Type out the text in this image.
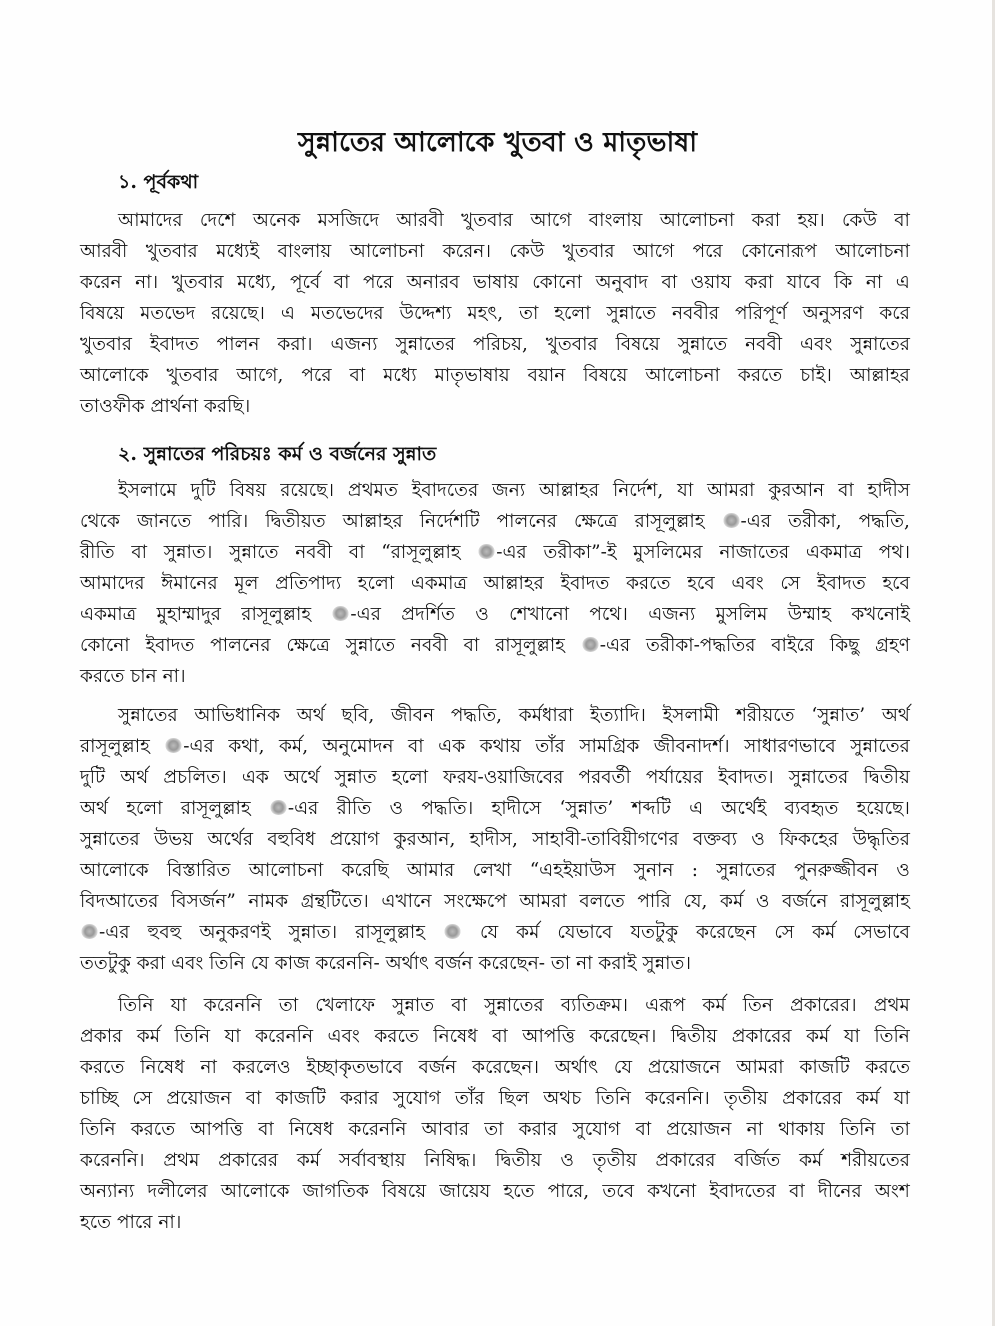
সুন্নাতের আলোকে খুতবা ও মাতৃভাষা
১. পূর্বকথা
আমাদের দেশে অনেক মসজিদে আরবী খুতবার আগে বাংলায় আলোচনা করা হয়। কেউ বা
আরবী খুতবার মধ্যেই বাংলায় আলোচনা করেন। কেউ খুতবার আগে পরে কোনোরূপ আলোচনা
করেন না। খুতবার মধ্যে, পূর্বে বা পরে অনারব ভাষায় কোনো অনুবাদ বা ওয়ায করা যাবে কি না এ
বিষয়ে মতভেদ রয়েছে। এ মতভেদের উদ্দেশ্য মহৎ, তা হলো সুন্নাতে নববীর পরিপূর্ণ অনুসরণ করে
খুতবার ইবাদত পালন করা। এজন্য সুন্নাতের পরিচয়, খুতবার বিষয়ে সুন্নাতে নববী এবং সুন্নাতের
আলোকে খুতবার আগে, পরে বা মধ্যে মাতৃভাষায় বয়ান বিষয়ে আলোচনা করতে চাই। আল্লাহর
তাওফীক
প্রার্থনা
করছি।
২. সুন্নাতের পরিচয়ঃ কর্ম ও বর্জনের সুন্নাত
ইসলামে দুটি বিষয় রয়েছে। প্রথমত ইবাদতের জন্য আল্লাহর নির্দেশ, যা আমরা কুরআন বা হাদীস
থেকে জানতে পারি। দ্বিতীয়ত আল্লাহর নির্দেশটি পালনের ক্ষেত্রে রাসূলুল্লাহ	-এর তরীকা, পদ্ধতি,
রীতি বা সুন্নাত। সুন্নাতে নববী বা “রাসূলুল্লাহ	-এর তরীকা”-ই মুসলিমের নাজাতের একমাত্র পথ।
আমাদের ঈমানের মূল প্রতিপাদ্য হলো একমাত্র আল্লাহর ইবাদত করতে হবে এবং সে ইবাদত হবে
একমাত্র মুহাম্মাদুর রাসূলুল্লাহ	-এর প্রদর্শিত ও শেখানো পথে। এজন্য মুসলিম উম্মাহ কখনোই
কোনো ইবাদত পালনের ক্ষেত্রে সুন্নাতে নববী বা রাসূলুল্লাহ	-এর তরীকা-পদ্ধতির বাইরে কিছু গ্রহণ
করতে
চান
না।
সুন্নাতের আভিধানিক অর্থ ছবি, জীবন পদ্ধতি, কর্মধারা ইত্যাদি। ইসলামী শরীয়তে ‘সুন্নাত’ অর্থ
রাসূলুল্লাহ	-এর কথা, কর্ম, অনুমোদন বা এক কথায় তাঁর সামগ্রিক জীবনাদর্শ। সাধারণভাবে সুন্নাতের
দুটি অর্থ প্রচলিত। এক অর্থে সুন্নাত হলো ফরয-ওয়াজিবের পরবর্তী পর্যায়ের ইবাদত। সুন্নাতের দ্বিতীয়
অর্থ হলো রাসূলুল্লাহ	-এর রীতি ও পদ্ধতি। হাদীসে ‘সুন্নাত’ শব্দটি এ অর্থেই ব্যবহৃত হয়েছে।
সুন্নাতের উভয় অর্থের বহুবিধ প্রয়োগ কুরআন, হাদীস, সাহাবী-তাবিয়ীগণের বক্তব্য ও ফিকহের উদ্ধৃতির
আলোকে বিস্তারিত আলোচনা করেছি আমার লেখা “এহইয়াউস সুনান : সুন্নাতের পুনরুজ্জীবন ও
বিদআতের বিসর্জন” নামক গ্রন্থটিতে। এখানে সংক্ষেপে আমরা বলতে পারি যে, কর্ম ও বর্জনে রাসূলুল্লাহ
-এর হুবহু অনুকরণই সুন্নাত। রাসূলুল্লাহ	যে কর্ম যেভাবে যতটুকু করেছেন সে কর্ম সেভাবে
ততটুকু
করা
এবং
তিনি
যে
কাজ
করেননি-
অর্থাৎ
বর্জন
করেছেন-
তা
না
করাই
সুন্নাত।
তিনি যা করেননি তা খেলাফে সুন্নাত বা সুন্নাতের ব্যতিক্রম। এরূপ কর্ম তিন প্রকারের। প্রথম
প্রকার কর্ম তিনি যা করেননি এবং করতে নিষেধ বা আপত্তি করেছেন। দ্বিতীয় প্রকারের কর্ম যা তিনি
করতে নিষেধ না করলেও ইচ্ছাকৃতভাবে বর্জন করেছেন। অর্থাৎ যে প্রয়োজনে আমরা কাজটি করতে
চাচ্ছি সে প্রয়োজন বা কাজটি করার সুযোগ তাঁর ছিল অথচ তিনি করেননি। তৃতীয় প্রকারের কর্ম যা
তিনি করতে আপত্তি বা নিষেধ করেননি আবার তা করার সুযোগ বা প্রয়োজন না থাকায় তিনি তা
করেননি। প্রথম প্রকারের কর্ম সর্বাবস্থায় নিষিদ্ধ। দ্বিতীয় ও তৃতীয় প্রকারের বর্জিত কর্ম শরীয়তের
অন্যান্য দলীলের আলোকে জাগতিক বিষয়ে জায়েয হতে পারে, তবে কখনো ইবাদতের বা দীনের অংশ
হতে
পারে
না।
